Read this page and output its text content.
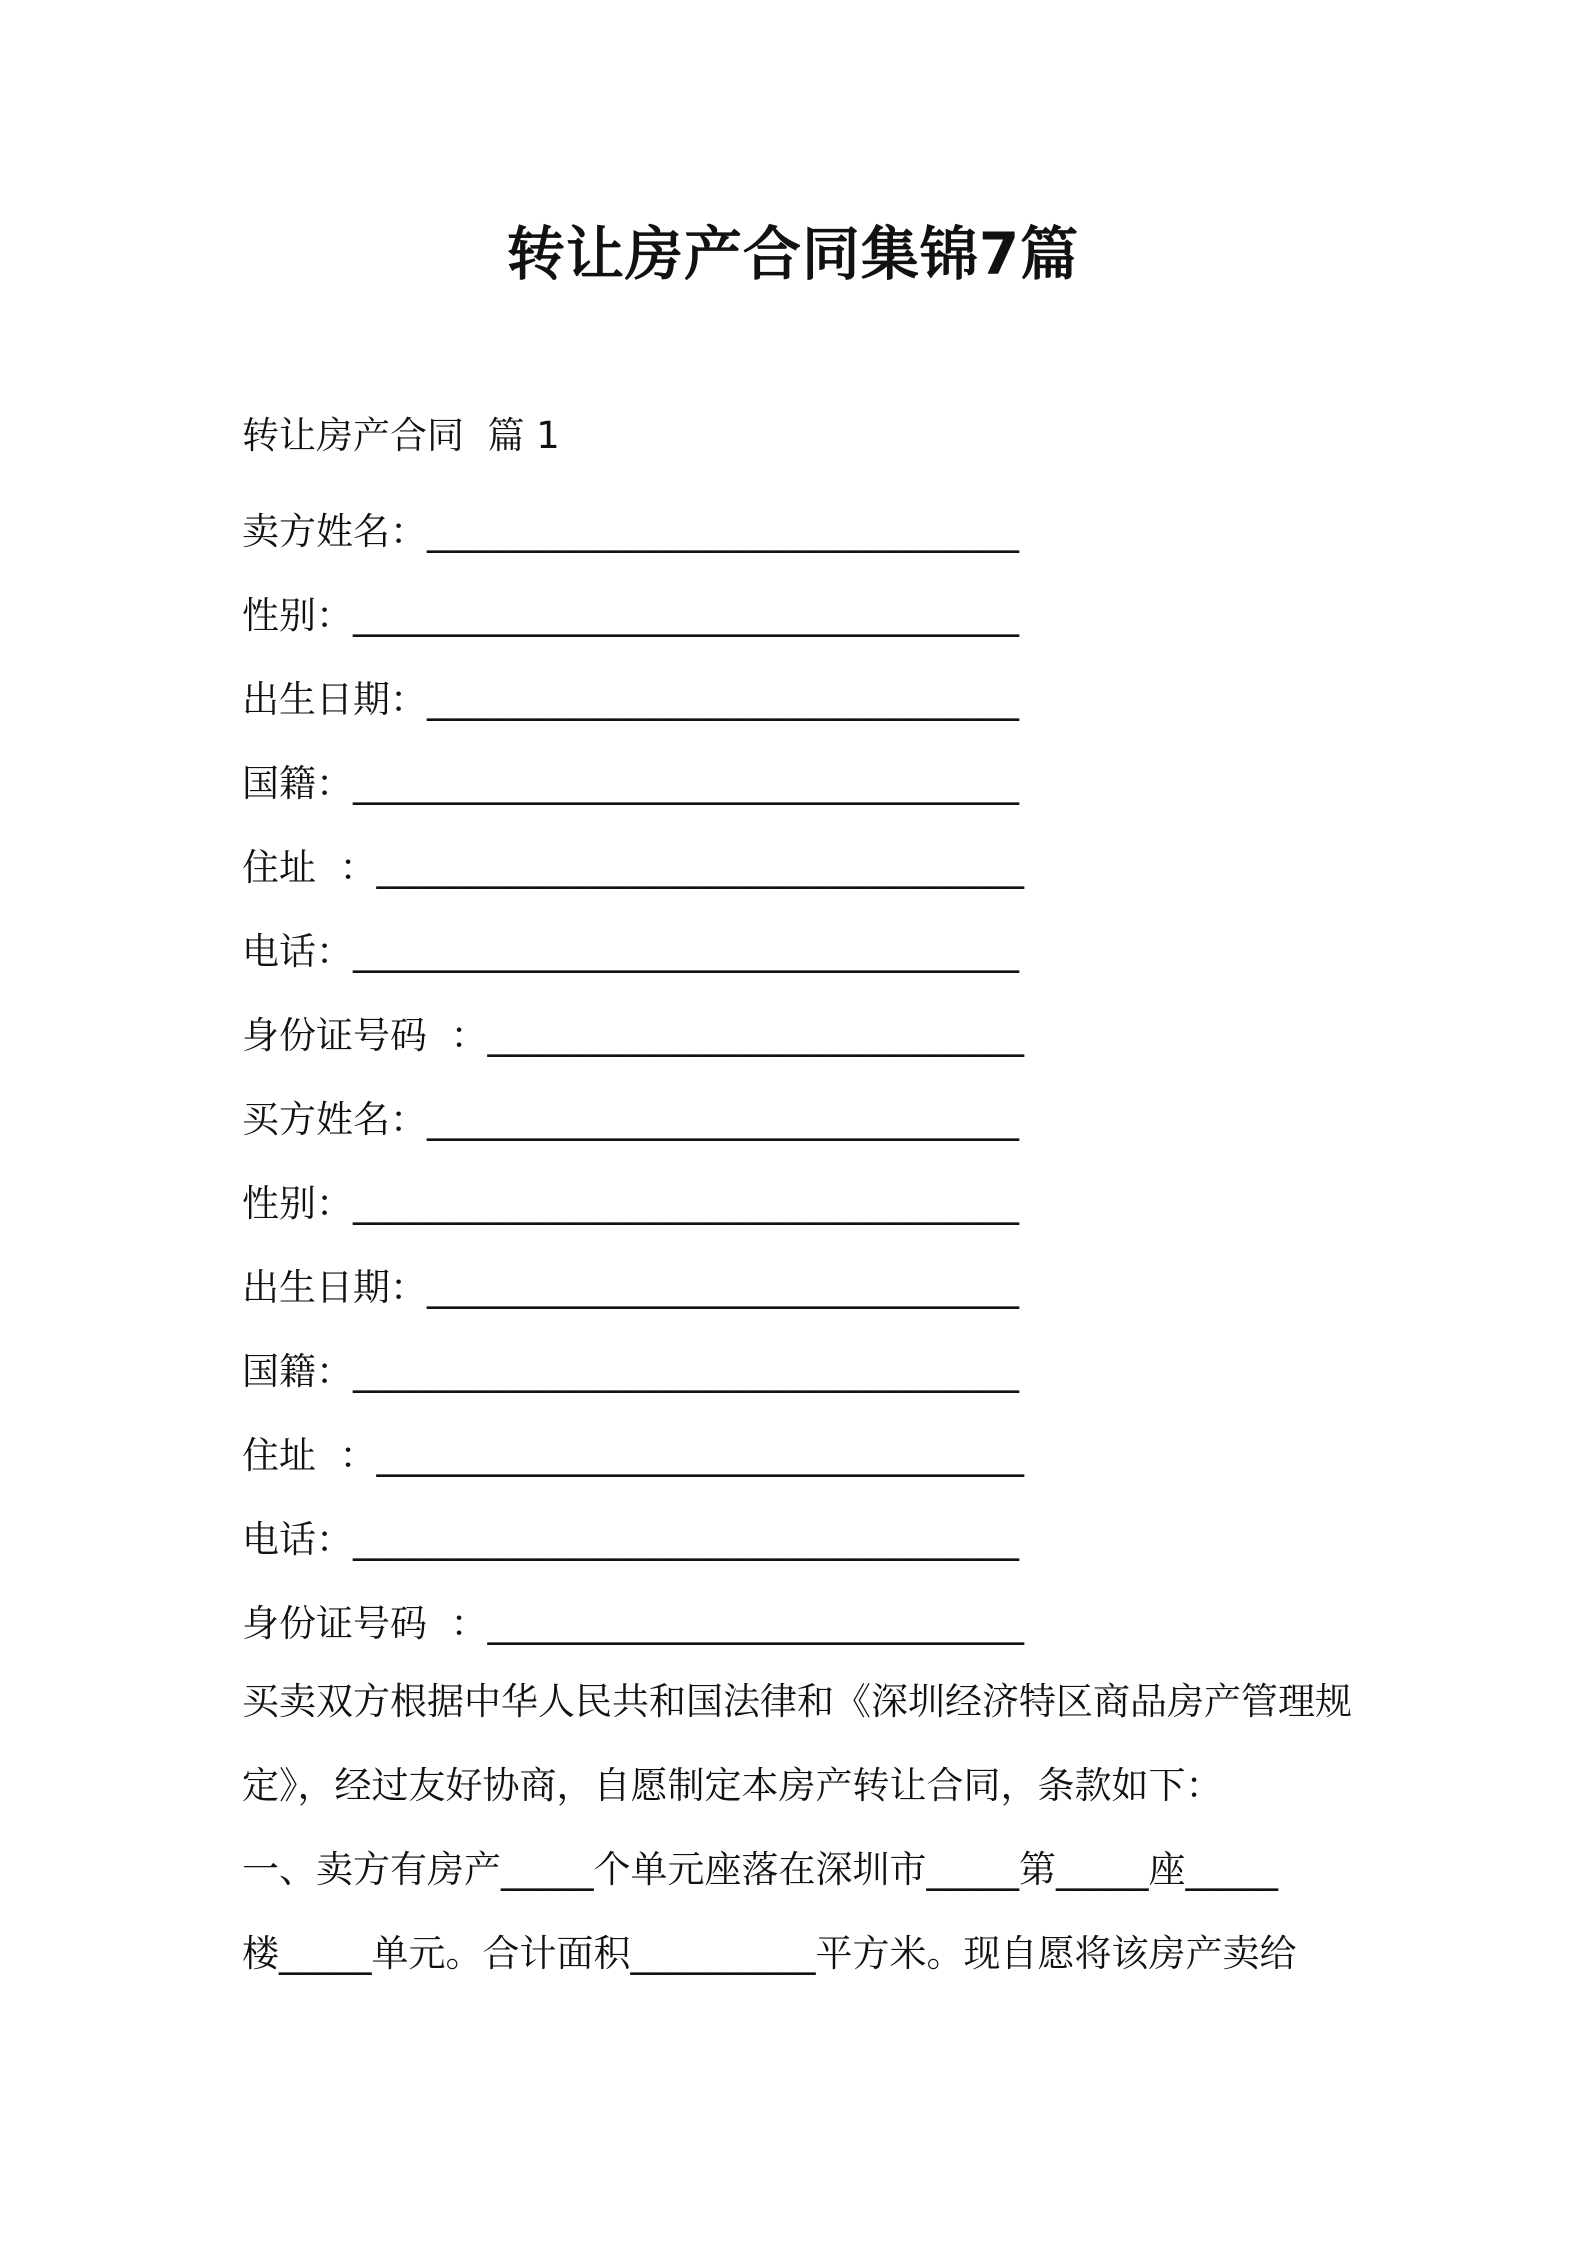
转让房产合同集锦7篇
转让房产合同  篇 1
卖方姓名： ________________________________
性别： ____________________________________
出生日期： ________________________________
国籍： ____________________________________
住址  ： ___________________________________
电话： ____________________________________
身份证号码  ： _____________________________
买方姓名： ________________________________
性别： ____________________________________
出生日期： ________________________________
国籍： ____________________________________
住址  ： ___________________________________
电话： ____________________________________
身份证号码  ： _____________________________
买卖双方根据中华人民共和国法律和《深圳经济特区商品房产管理规
定》，经过友好协商，自愿制定本房产转让合同，条款如下：
一、卖方有房产_____个单元座落在深圳市_____第_____座_____
楼_____单元。合计面积__________平方米。现自愿将该房产卖给
